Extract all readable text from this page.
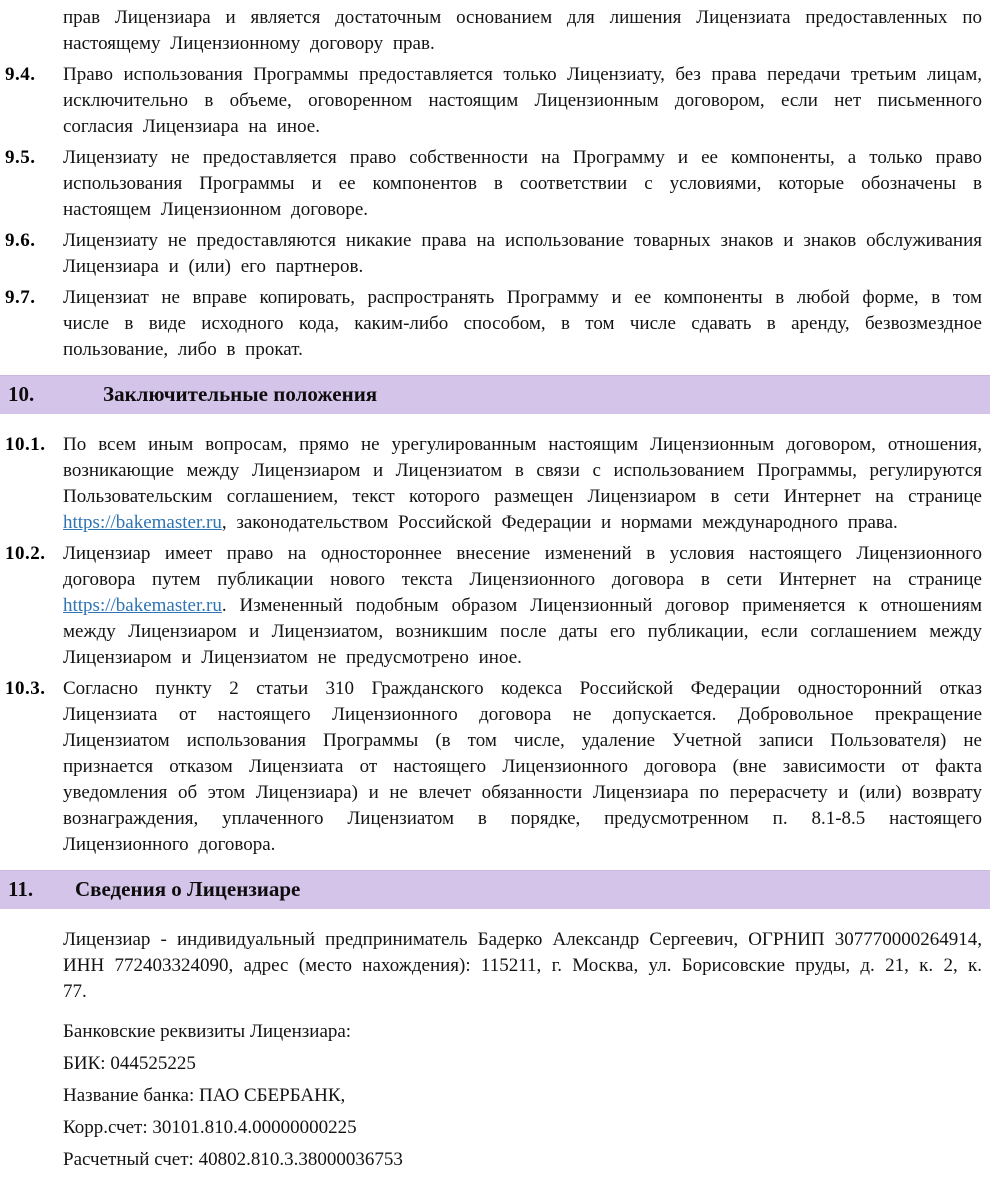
прав Лицензиара и является достаточным основанием для лишения Лицензиата предоставленных по настоящему Лицензионному договору прав.

9.4. Право использования Программы предоставляется только Лицензиату, без права передачи третьим лицам, исключительно в объеме, оговоренном настоящим Лицензионным договором, если нет письменного согласия Лицензиара на иное.

9.5. Лицензиату не предоставляется право собственности на Программу и ее компоненты, а только право использования Программы и ее компонентов в соответствии с условиями, которые обозначены в настоящем Лицензионном договоре.

9.6. Лицензиату не предоставляются никакие права на использование товарных знаков и знаков обслуживания Лицензиара и (или) его партнеров.

9.7. Лицензиат не вправе копировать, распространять Программу и ее компоненты в любой форме, в том числе в виде исходного кода, каким-либо способом, в том числе сдавать в аренду, безвозмездное пользование, либо в прокат.

10.	Заключительные положения
10.1. По всем иным вопросам, прямо не урегулированным настоящим Лицензионным договором, отношения, возникающие между Лицензиаром и Лицензиатом в связи с использованием Программы, регулируются Пользовательским соглашением, текст которого размещен Лицензиаром в сети Интернет на странице https://bakemaster.ru, законодательством Российской Федерации и нормами международного права.

10.2. Лицензиар имеет право на одностороннее внесение изменений в условия настоящего Лицензионного договора путем публикации нового текста Лицензионного договора в сети Интернет на странице https://bakemaster.ru. Измененный подобным образом Лицензионный договор применяется к отношениям между Лицензиаром и Лицензиатом, возникшим после даты его публикации, если соглашением между Лицензиаром и Лицензиатом не предусмотрено иное.

10.3. Согласно пункту 2 статьи 310 Гражданского кодекса Российской Федерации односторонний отказ Лицензиата от настоящего Лицензионного договора не допускается. Добровольное прекращение Лицензиатом использования Программы (в том числе, удаление Учетной записи Пользователя) не признается отказом Лицензиата от настоящего Лицензионного договора (вне зависимости от факта уведомления об этом Лицензиара) и не влечет обязанности Лицензиара по перерасчету и (или) возврату вознаграждения, уплаченного Лицензиатом в порядке, предусмотренном п. 8.1-8.5 настоящего Лицензионного договора.

11. Сведения о Лицензиаре

Лицензиар - индивидуальный предприниматель Бадерко Александр Сергеевич, ОГРНИП 307770000264914, ИНН 772403324090, адрес (место нахождения): 115211, г. Москва, ул. Борисовские пруды, д. 21, к. 2, к. 77.

Банковские реквизиты Лицензиара:

БИК: 044525225

Название банка: ПАО СБЕРБАНК,

Корр.счет: 30101.810.4.00000000225

Расчетный счет: 40802.810.3.38000036753
